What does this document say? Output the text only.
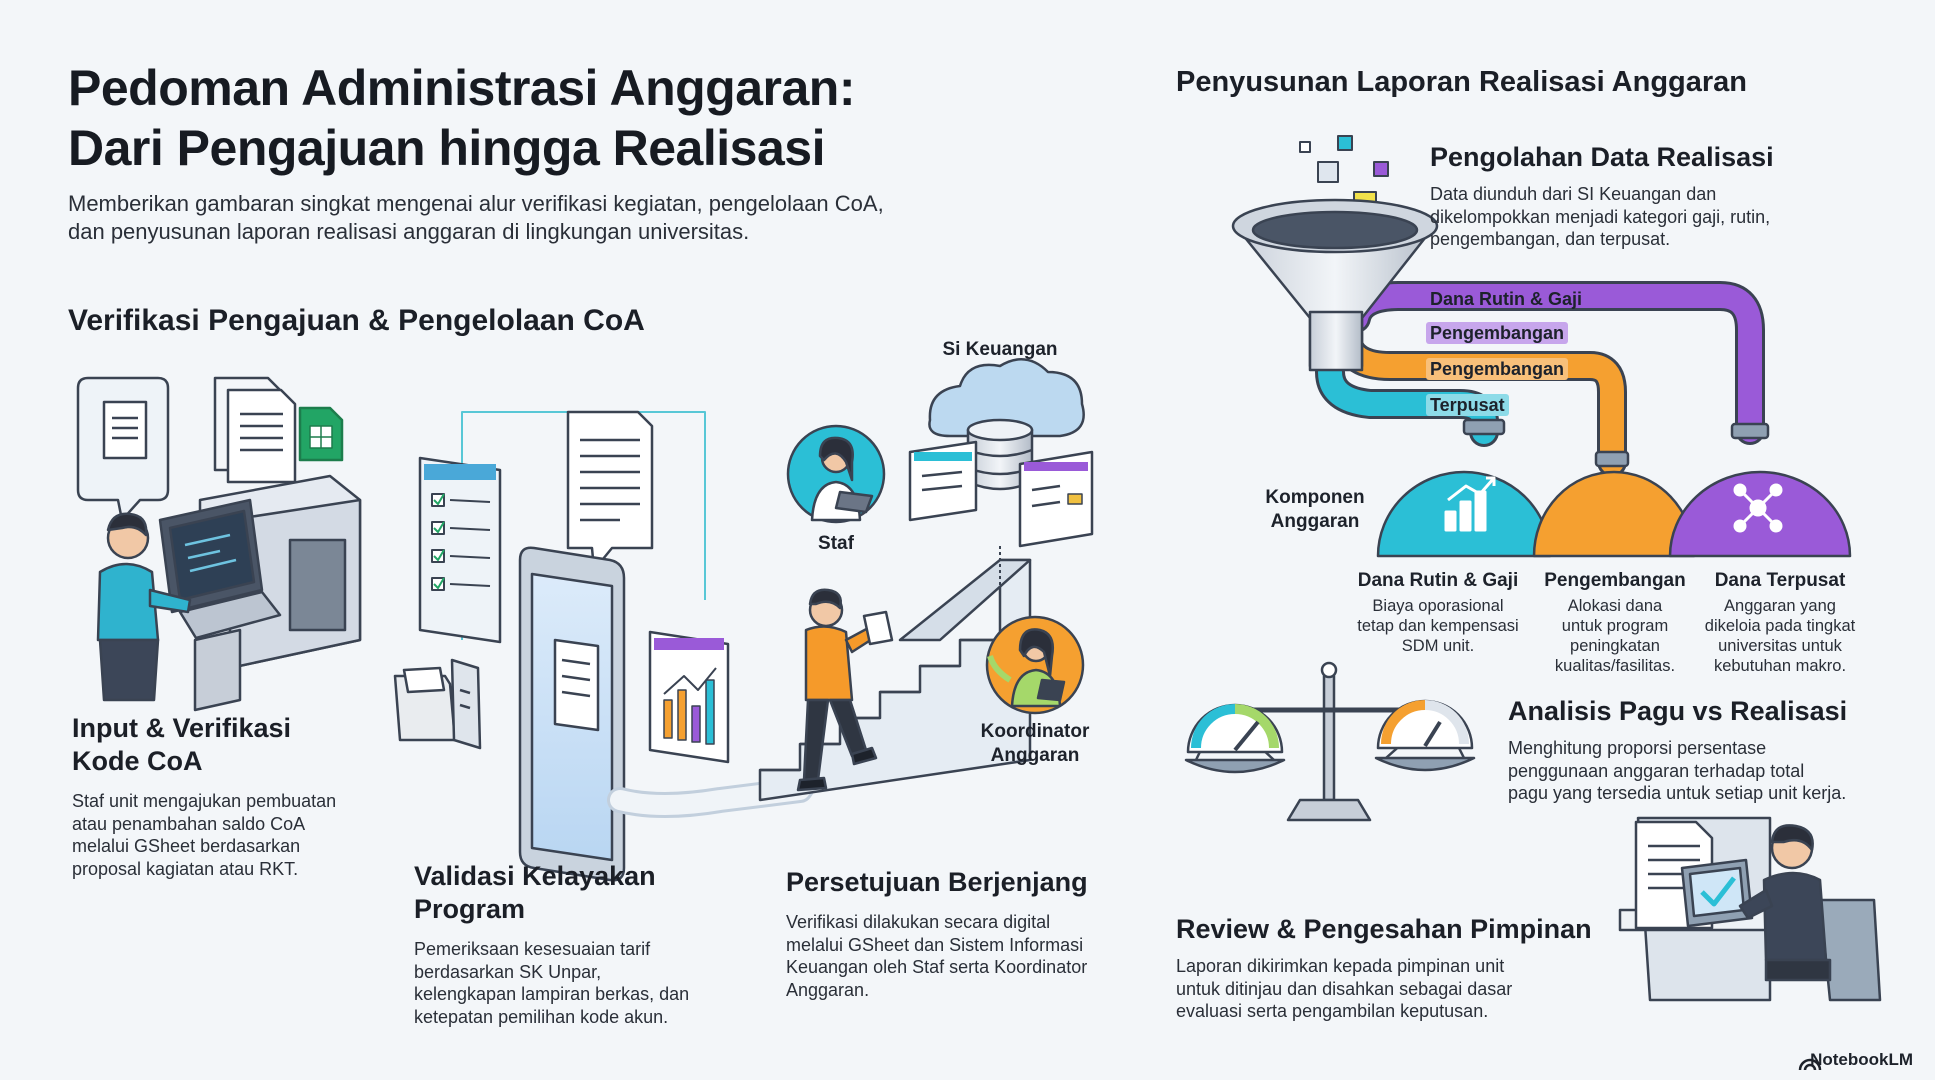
Pedoman Administrasi Anggaran:
Dari Pengajuan hingga Realisasi
Memberikan gambaran singkat mengenai alur verifikasi kegiatan, pengelolaan CoA,
dan penyusunan laporan realisasi anggaran di lingkungan universitas.
Verifikasi Pengajuan & Pengelolaan CoA
Si Keuangan
Staf
Koordinator
Anggaran
Input & Verifikasi
Kode CoA
Staf unit mengajukan pembuatan
atau penambahan saldo CoA
melalui GSheet berdasarkan
proposal kagiatan atau RKT.	Validasi Kelayakan
Program
Pemeriksaan kesesuaian tarif
berdasarkan SK Unpar,
kelengkapan lampiran berkas, dan
ketepatan pemilihan kode akun.
Persetujuan Berjenjang
Verifikasi dilakukan secara digital
melalui GSheet dan Sistem Informasi
Keuangan oleh Staf serta Koordinator
Anggaran.
Penyusunan Laporan Realisasi Anggaran
Pengolahan Data Realisasi
Data diunduh dari SI Keuangan dan
dikelompokkan menjadi kategori gaji, rutin,
pengembangan, dan terpusat.
Dana Rutin & Gaji
Pengembangan
Pengembangan
Terpusat
Komponen
Anggaran
Dana Rutin & Gaji
Biaya oporasional
tetap dan kempensasi
SDM unit.
Pengembangan
Alokasi dana
untuk program
peningkatan
kualitas/fasilitas.
Dana Terpusat
Anggaran yang
dikeloia pada tingkat
universitas untuk
kebutuhan makro.
Analisis Pagu vs Realisasi
Menghitung proporsi persentase
penggunaan anggaran terhadap total
pagu yang tersedia untuk setiap unit kerja.
Review & Pengesahan Pimpinan
Laporan dikirimkan kepada pimpinan unit
untuk ditinjau dan disahkan sebagai dasar
evaluasi serta pengambilan keputusan.
NotebookLM
